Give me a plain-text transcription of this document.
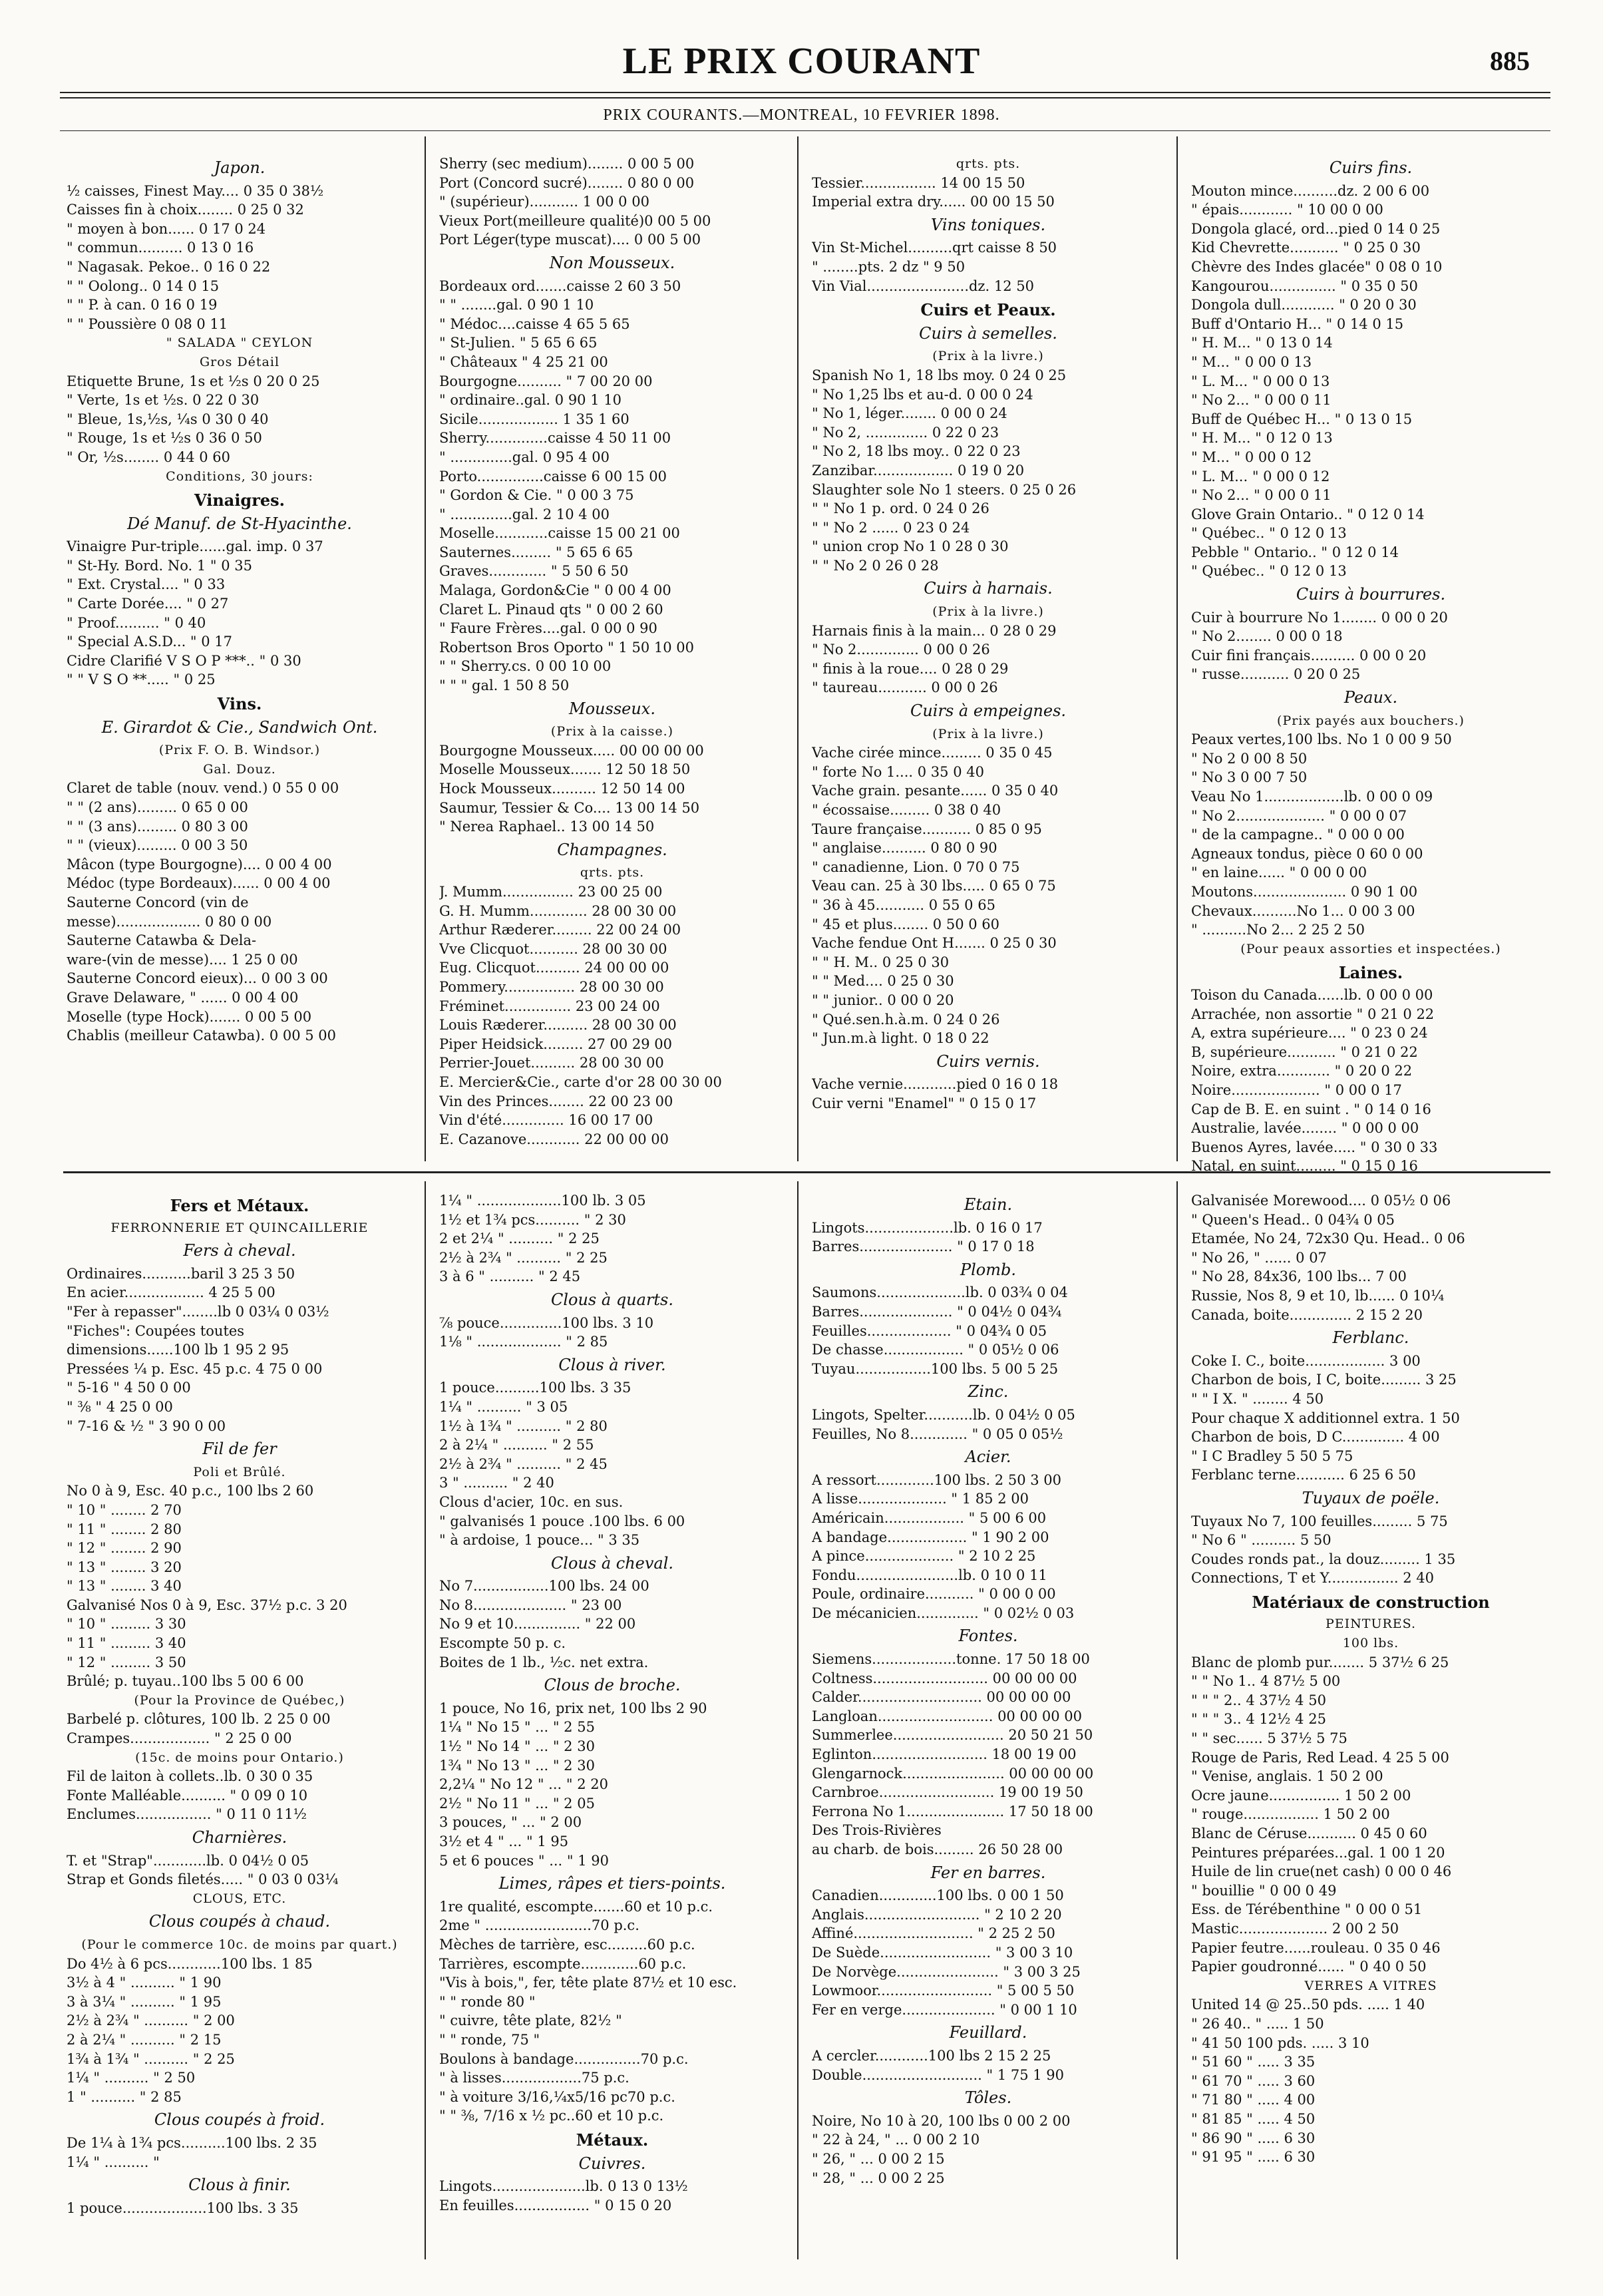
LE PRIX COURANT	885
PRIX COURANTS.—MONTREAL, 10 FEVRIER 1898.
Japon.
½ caisses, Finest May.... 0 35 0 38½
Caisses fin à choix........ 0 25 0 32
" moyen à bon...... 0 17 0 24
" commun.......... 0 13 0 16
" Nagasak. Pekoe.. 0 16 0 22
" " Oolong.. 0 14 0 15
" " P. à can. 0 16 0 19
" " Poussière 0 08 0 11
" SALADA " CEYLON
Gros Détail
Etiquette Brune, 1s et ½s 0 20 0 25
" Verte, 1s et ½s. 0 22 0 30
" Bleue, 1s,½s, ¼s 0 30 0 40
" Rouge, 1s et ½s 0 36 0 50
" Or, ½s........ 0 44 0 60
Conditions, 30 jours:
Vinaigres.
Dé Manuf. de St-Hyacinthe.
Vinaigre Pur-triple......gal. imp. 0 37
" St-Hy. Bord. No. 1 " 0 35
" Ext. Crystal.... " 0 33
" Carte Dorée.... " 0 27
" Proof.......... " 0 40
" Special A.S.D... " 0 17
Cidre Clarifié V S O P ***.. " 0 30
" " V S O **..... " 0 25
Vins.
E. Girardot & Cie., Sandwich Ont.
(Prix F. O. B. Windsor.)
Gal. Douz.
Claret de table (nouv. vend.) 0 55 0 00
" " (2 ans)......... 0 65 0 00
" " (3 ans)......... 0 80 3 00
" " (vieux)......... 0 00 3 50
Mâcon (type Bourgogne).... 0 00 4 00
Médoc (type Bordeaux)...... 0 00 4 00
Sauterne Concord (vin de
messe)................... 0 80 0 00
Sauterne Catawba & Dela-
ware-(vin de messe).... 1 25 0 00
Sauterne Concord eieux)... 0 00 3 00
Grave Delaware, " ...... 0 00 4 00
Moselle (type Hock)....... 0 00 5 00
Chablis (meilleur Catawba). 0 00 5 00
Sherry (sec medium)........ 0 00 5 00
Port (Concord sucré)........ 0 80 0 00
" (supérieur)........... 1 00 0 00
Vieux Port(meilleure qualité)0 00 5 00
Port Léger(type muscat).... 0 00 5 00
Non Mousseux.
Bordeaux ord.......caisse 2 60 3 50
" " ........gal. 0 90 1 10
" Médoc....caisse 4 65 5 65
" St-Julien. " 5 65 6 65
" Châteaux " 4 25 21 00
Bourgogne.......... " 7 00 20 00
" ordinaire..gal. 0 90 1 10
Sicile.................. 1 35 1 60
Sherry..............caisse 4 50 11 00
" ..............gal. 0 95 4 00
Porto...............caisse 6 00 15 00
" Gordon & Cie. " 0 00 3 75
" ..............gal. 2 10 4 00
Moselle............caisse 15 00 21 00
Sauternes......... " 5 65 6 65
Graves............. " 5 50 6 50
Malaga, Gordon&Cie " 0 00 4 00
Claret L. Pinaud qts " 0 00 2 60
" Faure Frères....gal. 0 00 0 90
Robertson Bros Oporto " 1 50 10 00
" " Sherry.cs. 0 00 10 00
" " " gal. 1 50 8 50
Mousseux.
(Prix à la caisse.)
Bourgogne Mousseux..... 00 00 00 00
Moselle Mousseux....... 12 50 18 50
Hock Mousseux.......... 12 50 14 00
Saumur, Tessier & Co.... 13 00 14 50
" Nerea Raphael.. 13 00 14 50
Champagnes.
qrts. pts.
J. Mumm................ 23 00 25 00
G. H. Mumm............. 28 00 30 00
Arthur Ræderer......... 22 00 24 00
Vve Clicquot........... 28 00 30 00
Eug. Clicquot.......... 24 00 00 00
Pommery................ 28 00 30 00
Fréminet............... 23 00 24 00
Louis Ræderer.......... 28 00 30 00
Piper Heidsick......... 27 00 29 00
Perrier-Jouet.......... 28 00 30 00
E. Mercier&Cie., carte d'or 28 00 30 00
Vin des Princes........ 22 00 23 00
Vin d'été.............. 16 00 17 00
E. Cazanove............ 22 00 00 00
qrts. pts.
Tessier................. 14 00 15 50
Imperial extra dry...... 00 00 15 50
Vins toniques.
Vin St-Michel..........qrt caisse 8 50
" ........pts. 2 dz " 9 50
Vin Vial.......................dz. 12 50
Cuirs et Peaux.
Cuirs à semelles.
(Prix à la livre.)
Spanish No 1, 18 lbs moy. 0 24 0 25
" No 1,25 lbs et au-d. 0 00 0 24
" No 1, léger........ 0 00 0 24
" No 2, .............. 0 22 0 23
" No 2, 18 lbs moy.. 0 22 0 23
Zanzibar.................. 0 19 0 20
Slaughter sole No 1 steers. 0 25 0 26
" " No 1 p. ord. 0 24 0 26
" " No 2 ...... 0 23 0 24
" union crop No 1 0 28 0 30
" " No 2 0 26 0 28
Cuirs à harnais.
(Prix à la livre.)
Harnais finis à la main... 0 28 0 29
" No 2.............. 0 00 0 26
" finis à la roue.... 0 28 0 29
" taureau........... 0 00 0 26
Cuirs à empeignes.
(Prix à la livre.)
Vache cirée mince......... 0 35 0 45
" forte No 1.... 0 35 0 40
Vache grain. pesante...... 0 35 0 40
" écossaise......... 0 38 0 40
Taure française........... 0 85 0 95
" anglaise.......... 0 80 0 90
" canadienne, Lion. 0 70 0 75
Veau can. 25 à 30 lbs..... 0 65 0 75
" 36 à 45........... 0 55 0 65
" 45 et plus........ 0 50 0 60
Vache fendue Ont H....... 0 25 0 30
" " H. M.. 0 25 0 30
" " Med.... 0 25 0 30
" " junior.. 0 00 0 20
" Qué.sen.h.à.m. 0 24 0 26
" Jun.m.à light. 0 18 0 22
Cuirs vernis.
Vache vernie............pied 0 16 0 18
Cuir verni "Enamel" " 0 15 0 17
Cuirs fins.
Mouton mince..........dz. 2 00 6 00
" épais............ " 10 00 0 00
Dongola glacé, ord...pied 0 14 0 25
Kid Chevrette........... " 0 25 0 30
Chèvre des Indes glacée" 0 08 0 10
Kangourou............... " 0 35 0 50
Dongola dull............ " 0 20 0 30
Buff d'Ontario H... " 0 14 0 15
" H. M... " 0 13 0 14
" M... " 0 00 0 13
" L. M... " 0 00 0 13
" No 2... " 0 00 0 11
Buff de Québec H... " 0 13 0 15
" H. M... " 0 12 0 13
" M... " 0 00 0 12
" L. M... " 0 00 0 12
" No 2... " 0 00 0 11
Glove Grain Ontario.. " 0 12 0 14
" Québec.. " 0 12 0 13
Pebble " Ontario.. " 0 12 0 14
" Québec.. " 0 12 0 13
Cuirs à bourrures.
Cuir à bourrure No 1........ 0 00 0 20
" No 2........ 0 00 0 18
Cuir fini français.......... 0 00 0 20
" russe........... 0 20 0 25
Peaux.
(Prix payés aux bouchers.)
Peaux vertes,100 lbs. No 1 0 00 9 50
" No 2 0 00 8 50
" No 3 0 00 7 50
Veau No 1..................lb. 0 00 0 09
" No 2.................... " 0 00 0 07
" de la campagne.. " 0 00 0 00
Agneaux tondus, pièce 0 60 0 00
" en laine...... " 0 00 0 00
Moutons..................... 0 90 1 00
Chevaux..........No 1... 0 00 3 00
" ..........No 2... 2 25 2 50
(Pour peaux assorties et inspectées.)
Laines.
Toison du Canada......lb. 0 00 0 00
Arrachée, non assortie " 0 21 0 22
A, extra supérieure.... " 0 23 0 24
B, supérieure........... " 0 21 0 22
Noire, extra............ " 0 20 0 22
Noire.................... " 0 00 0 17
Cap de B. E. en suint . " 0 14 0 16
Australie, lavée........ " 0 00 0 00
Buenos Ayres, lavée..... " 0 30 0 33
Natal, en suint......... " 0 15 0 16
Fers et Métaux.
FERRONNERIE ET QUINCAILLERIE
Fers à cheval.
Ordinaires...........baril 3 25 3 50
En acier.................. 4 25 5 00
"Fer à repasser"........lb 0 03¼ 0 03½
"Fiches": Coupées toutes
dimensions......100 lb 1 95 2 95
Pressées ¼ p. Esc. 45 p.c. 4 75 0 00
" 5-16 " 4 50 0 00
" ⅜ " 4 25 0 00
" 7-16 & ½ " 3 90 0 00
Fil de fer
Poli et Brûlé.
No 0 à 9, Esc. 40 p.c., 100 lbs 2 60
" 10 " ........ 2 70
" 11 " ........ 2 80
" 12 " ........ 2 90
" 13 " ........ 3 20
" 13 " ........ 3 40
Galvanisé Nos 0 à 9, Esc. 37½ p.c. 3 20
" 10 " ......... 3 30
" 11 " ......... 3 40
" 12 " ......... 3 50
Brûlé; p. tuyau..100 lbs 5 00 6 00
(Pour la Province de Québec,)
Barbelé p. clôtures, 100 lb. 2 25 0 00
Crampes.................. " 2 25 0 00
(15c. de moins pour Ontario.)
Fil de laiton à collets..lb. 0 30 0 35
Fonte Malléable.......... " 0 09 0 10
Enclumes................. " 0 11 0 11½
Charnières.
T. et "Strap"............lb. 0 04½ 0 05
Strap et Gonds filetés..... " 0 03 0 03¼
CLOUS, ETC.
Clous coupés à chaud.
(Pour le commerce 10c. de moins par quart.)
Do 4½ à 6 pcs............100 lbs. 1 85
3½ à 4 " .......... " 1 90
3 à 3¼ " .......... " 1 95
2½ à 2¾ " .......... " 2 00
2 à 2¼ " .......... " 2 15
1¾ à 1¾ " .......... " 2 25
1¼ " .......... " 2 50
1 " .......... " 2 85
Clous coupés à froid.
De 1¼ à 1¾ pcs..........100 lbs. 2 35
1¼ " .......... "
Clous à finir.
1 pouce...................100 lbs. 3 35
1¼ " ...................100 lb. 3 05
1½ et 1¾ pcs.......... " 2 30
2 et 2¼ " .......... " 2 25
2½ à 2¾ " .......... " 2 25
3 à 6 " .......... " 2 45
Clous à quarts.
⅞ pouce..............100 lbs. 3 10
1⅛ " ................... " 2 85
Clous à river.
1 pouce..........100 lbs. 3 35
1¼ " .......... " 3 05
1½ à 1¾ " .......... " 2 80
2 à 2¼ " .......... " 2 55
2½ à 2¾ " .......... " 2 45
3 " .......... " 2 40
Clous d'acier, 10c. en sus.
" galvanisés 1 pouce .100 lbs. 6 00
" à ardoise, 1 pouce... " 3 35
Clous à cheval.
No 7.................100 lbs. 24 00
No 8..................... " 23 00
No 9 et 10............... " 22 00
Escompte 50 p. c.
Boites de 1 lb., ½c. net extra.
Clous de broche.
1 pouce, No 16, prix net, 100 lbs 2 90
1¼ " No 15 " ... " 2 55
1½ " No 14 " ... " 2 30
1¾ " No 13 " ... " 2 30
2,2¼ " No 12 " ... " 2 20
2½ " No 11 " ... " 2 05
3 pouces, " ... " 2 00
3½ et 4 " ... " 1 95
5 et 6 pouces " ... " 1 90
Limes, râpes et tiers-points.
1re qualité, escompte.......60 et 10 p.c.
2me " ........................70 p.c.
Mèches de tarrière, esc.........60 p.c.
Tarrières, escompte.............60 p.c.
"Vis à bois,", fer, tête plate 87½ et 10 esc.
" " ronde 80 "
" cuivre, tête plate, 82½ "
" " ronde, 75 "
Boulons à bandage...............70 p.c.
" à lisses..................75 p.c.
" à voiture 3/16,¼x5/16 pc70 p.c.
" " ⅜, 7/16 x ½ pc..60 et 10 p.c.
Métaux.
Cuivres.
Lingots.....................lb. 0 13 0 13½
En feuilles................. " 0 15 0 20
Etain.
Lingots....................lb. 0 16 0 17
Barres..................... " 0 17 0 18
Plomb.
Saumons....................lb. 0 03¾ 0 04
Barres..................... " 0 04½ 0 04¾
Feuilles................... " 0 04¾ 0 05
De chasse.................. " 0 05½ 0 06
Tuyau.................100 lbs. 5 00 5 25
Zinc.
Lingots, Spelter...........lb. 0 04½ 0 05
Feuilles, No 8............. " 0 05 0 05½
Acier.
A ressort.............100 lbs. 2 50 3 00
A lisse.................... " 1 85 2 00
Américain.................. " 5 00 6 00
A bandage.................. " 1 90 2 00
A pince.................... " 2 10 2 25
Fondu.......................lb. 0 10 0 11
Poule, ordinaire........... " 0 00 0 00
De mécanicien.............. " 0 02½ 0 03
Fontes.
Siemens...................tonne. 17 50 18 00
Coltness.......................... 00 00 00 00
Calder............................ 00 00 00 00
Langloan.......................... 00 00 00 00
Summerlee......................... 20 50 21 50
Eglinton.......................... 18 00 19 00
Glengarnock....................... 00 00 00 00
Carnbroe.......................... 19 00 19 50
Ferrona No 1...................... 17 50 18 00
Des Trois-Rivières
au charb. de bois......... 26 50 28 00
Fer en barres.
Canadien.............100 lbs. 0 00 1 50
Anglais.......................... " 2 10 2 20
Affiné........................... " 2 25 2 50
De Suède......................... " 3 00 3 10
De Norvège....................... " 3 00 3 25
Lowmoor.......................... " 5 00 5 50
Fer en verge..................... " 0 00 1 10
Feuillard.
A cercler............100 lbs 2 15 2 25
Double........................... " 1 75 1 90
Tôles.
Noire, No 10 à 20, 100 lbs 0 00 2 00
" 22 à 24, " ... 0 00 2 10
" 26, " ... 0 00 2 15
" 28, " ... 0 00 2 25
Galvanisée Morewood.... 0 05½ 0 06
" Queen's Head.. 0 04¾ 0 05
Etamée, No 24, 72x30 Qu. Head.. 0 06
" No 26, " ...... 0 07
" No 28, 84x36, 100 lbs... 7 00
Russie, Nos 8, 9 et 10, lb...... 0 10¼
Canada, boite.............. 2 15 2 20
Ferblanc.
Coke I. C., boite.................. 3 00
Charbon de bois, I C, boite......... 3 25
" " I X. " ........ 4 50
Pour chaque X additionnel extra. 1 50
Charbon de bois, D C.............. 4 00
" I C Bradley 5 50 5 75
Ferblanc terne........... 6 25 6 50
Tuyaux de poële.
Tuyaux No 7, 100 feuilles......... 5 75
" No 6 " .......... 5 50
Coudes ronds pat., la douz......... 1 35
Connections, T et Y................ 2 40
Matériaux de construction
PEINTURES.
100 lbs.
Blanc de plomb pur........ 5 37½ 6 25
" " No 1.. 4 87½ 5 00
" " " 2.. 4 37½ 4 50
" " " 3.. 4 12½ 4 25
" " sec...... 5 37½ 5 75
Rouge de Paris, Red Lead. 4 25 5 00
" Venise, anglais. 1 50 2 00
Ocre jaune................ 1 50 2 00
" rouge................. 1 50 2 00
Blanc de Céruse........... 0 45 0 60
Peintures préparées...gal. 1 00 1 20
Huile de lin crue(net cash) 0 00 0 46
" bouillie " 0 00 0 49
Ess. de Térébenthine " 0 00 0 51
Mastic.................... 2 00 2 50
Papier feutre......rouleau. 0 35 0 46
Papier goudronné...... " 0 40 0 50
VERRES A VITRES
United 14 @ 25..50 pds. ..... 1 40
" 26 40.. " ..... 1 50
" 41 50 100 pds. ..... 3 10
" 51 60 " ..... 3 35
" 61 70 " ..... 3 60
" 71 80 " ..... 4 00
" 81 85 " ..... 4 50
" 86 90 " ..... 6 30
" 91 95 " ..... 6 30
